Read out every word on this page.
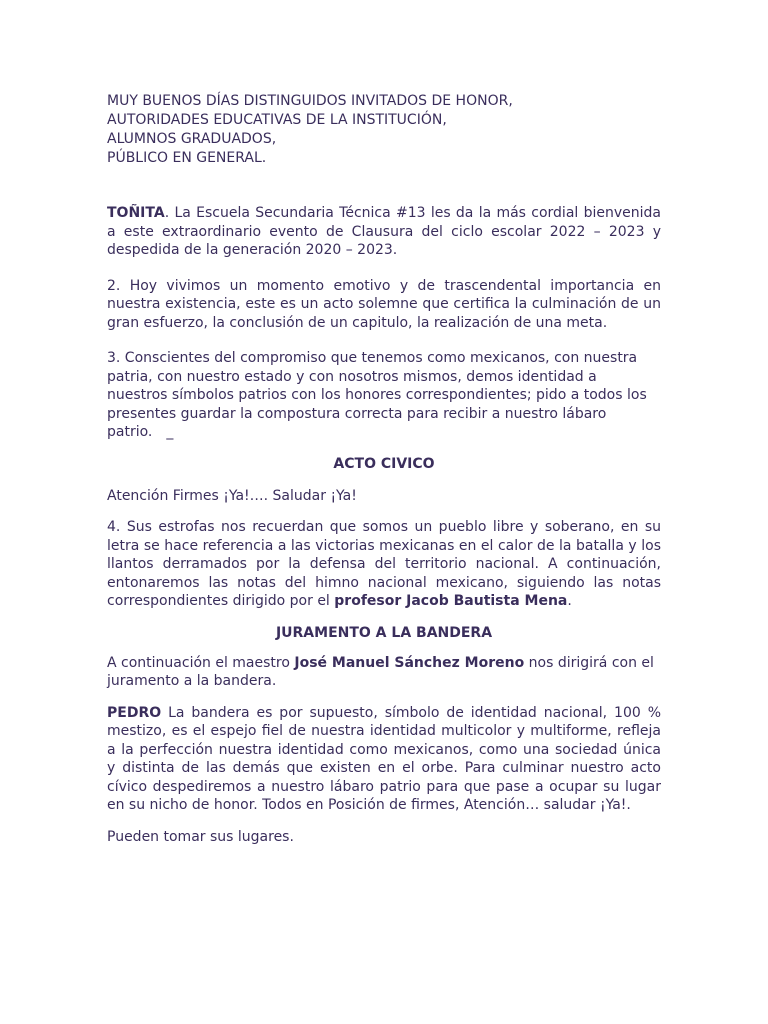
MUY BUENOS DÍAS DISTINGUIDOS INVITADOS DE HONOR,
AUTORIDADES EDUCATIVAS DE LA INSTITUCIÓN,
ALUMNOS GRADUADOS,
PÚBLICO EN GENERAL.

TOÑITA. La Escuela Secundaria Técnica #13 les da la más cordial bienvenida a este extraordinario evento de Clausura del ciclo escolar 2022 – 2023 y despedida de la generación 2020 – 2023.

2. Hoy vivimos un momento emotivo y de trascendental importancia en nuestra existencia, este es un acto solemne que certifica la culminación de un gran esfuerzo, la conclusión de un capitulo, la realización de una meta.

3. Conscientes del compromiso que tenemos como mexicanos, con nuestra patria, con nuestro estado y con nosotros mismos, demos identidad a nuestros símbolos patrios con los honores correspondientes; pido a todos los presentes guardar la compostura correcta para recibir a nuestro lábaro patrio. _

ACTO CIVICO

Atención Firmes ¡Ya!…. Saludar ¡Ya!

4. Sus estrofas nos recuerdan que somos un pueblo libre y soberano, en su letra se hace referencia a las victorias mexicanas en el calor de la batalla y los llantos derramados por la defensa del territorio nacional. A continuación, entonaremos las notas del himno nacional mexicano, siguiendo las notas correspondientes dirigido por el profesor Jacob Bautista Mena.

JURAMENTO A LA BANDERA

A continuación el maestro José Manuel Sánchez Moreno nos dirigirá con el juramento a la bandera.

PEDRO La bandera es por supuesto, símbolo de identidad nacional, 100 % mestizo, es el espejo fiel de nuestra identidad multicolor y multiforme, refleja a la perfección nuestra identidad como mexicanos, como una sociedad única y distinta de las demás que existen en el orbe. Para culminar nuestro acto cívico despediremos a nuestro lábaro patrio para que pase a ocupar su lugar en su nicho de honor. Todos en Posición de firmes, Atención… saludar ¡Ya!.

Pueden tomar sus lugares.
